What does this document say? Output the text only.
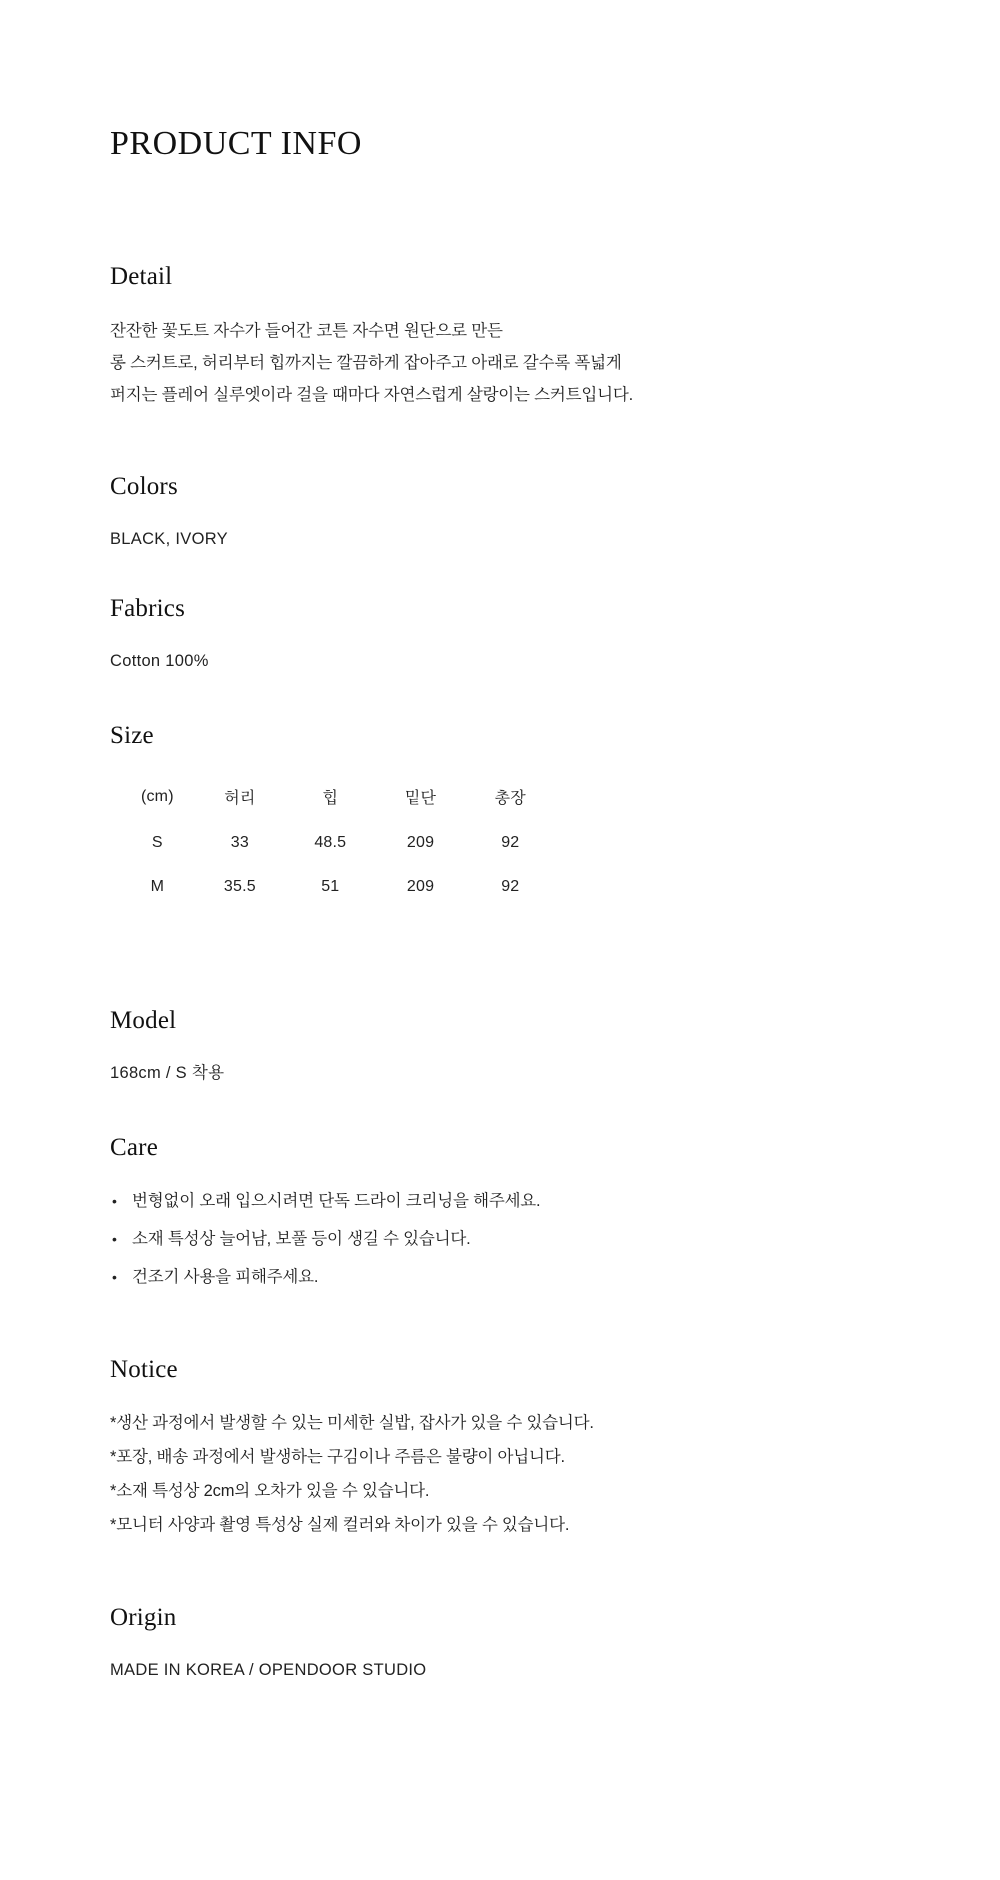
PRODUCT INFO
Detail
잔잔한 꽃도트 자수가 들어간 코튼 자수면 원단으로 만든
롱 스커트로, 허리부터 힙까지는 깔끔하게 잡아주고 아래로 갈수록 폭넓게
퍼지는 플레어 실루엣이라 걸을 때마다 자연스럽게 살랑이는 스커트입니다.
Colors
BLACK, IVORY
Fabrics
Cotton 100%
Size
(cm)	허리	힙	밑단	총장
S	33	48.5	209	92
M	35.5	51	209	92
Model
168cm / S 착용
Care
• 번형없이 오래 입으시려면 단독 드라이 크리닝을 해주세요.
• 소재 특성상 늘어남, 보풀 등이 생길 수 있습니다.
• 건조기 사용을 피해주세요.
Notice
*생산 과정에서 발생할 수 있는 미세한 실밥, 잡사가 있을 수 있습니다.
*포장, 배송 과정에서 발생하는 구김이나 주름은 불량이 아닙니다.
*소재 특성상 2cm의 오차가 있을 수 있습니다.
*모니터 사양과 촬영 특성상 실제 컬러와 차이가 있을 수 있습니다.
Origin
MADE IN KOREA / OPENDOOR STUDIO
